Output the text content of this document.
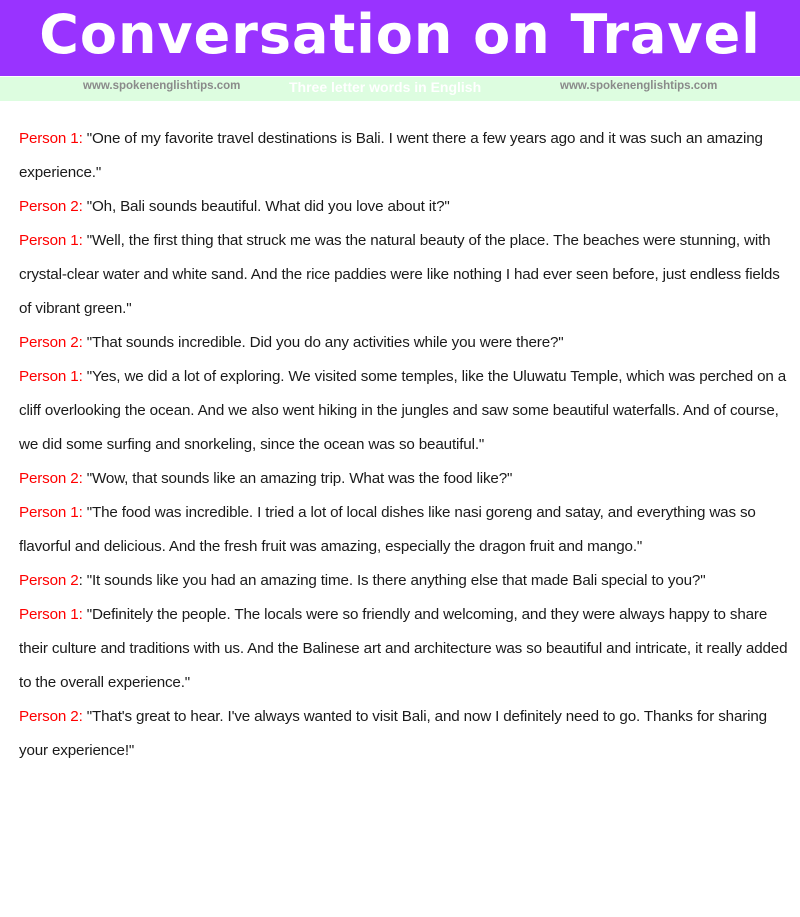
Conversation on Travel
www.spokenenglishtips.com	Three letter words in English	www.spokenenglishtips.com

Person 1: "One of my favorite travel destinations is Bali. I went there a few years ago and it was such an amazing experience."

Person 2: "Oh, Bali sounds beautiful. What did you love about it?"

Person 1: "Well, the first thing that struck me was the natural beauty of the place. The beaches were stunning, with crystal-clear water and white sand. And the rice paddies were like nothing I had ever seen before, just endless fields of vibrant green."

Person 2: "That sounds incredible. Did you do any activities while you were there?"

Person 1: "Yes, we did a lot of exploring. We visited some temples, like the Uluwatu Temple, which was perched on a cliff overlooking the ocean. And we also went hiking in the jungles and saw some beautiful waterfalls. And of course, we did some surfing and snorkeling, since the ocean was so beautiful."

Person 2: "Wow, that sounds like an amazing trip. What was the food like?"

Person 1: "The food was incredible. I tried a lot of local dishes like nasi goreng and satay, and everything was so flavorful and delicious. And the fresh fruit was amazing, especially the dragon fruit and mango."

Person 2: "It sounds like you had an amazing time. Is there anything else that made Bali special to you?"

Person 1: "Definitely the people. The locals were so friendly and welcoming, and they were always happy to share their culture and traditions with us. And the Balinese art and architecture was so beautiful and intricate, it really added to the overall experience."

Person 2: "That's great to hear. I've always wanted to visit Bali, and now I definitely need to go. Thanks for sharing your experience!"
